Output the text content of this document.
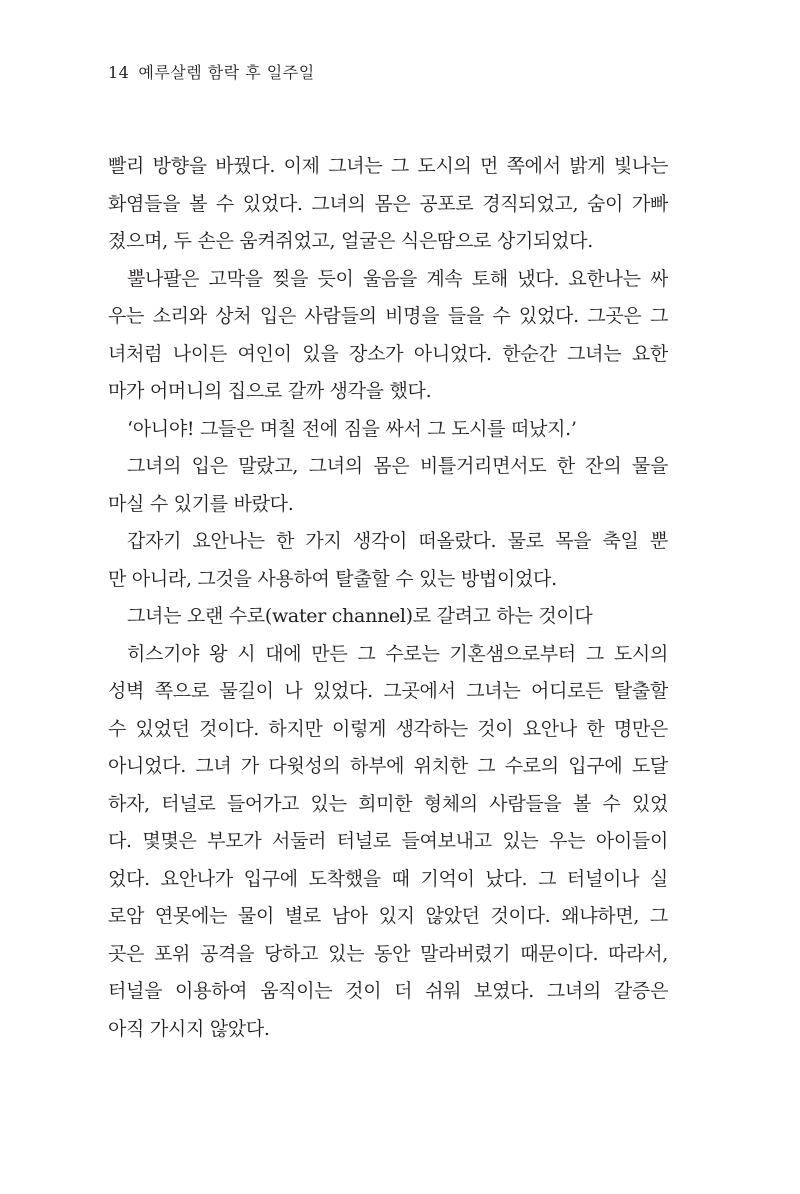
14 예루살렘 함락 후 일주일
빨리 방향을 바꿨다. 이제 그녀는 그 도시의 먼 쪽에서 밝게 빛나는
화염들을 볼 수 있었다. 그녀의 몸은 공포로 경직되었고, 숨이 가빠
졌으며, 두 손은 움켜쥐었고, 얼굴은 식은땀으로 상기되었다.
뿔나팔은 고막을 찢을 듯이 울음을 계속 토해 냈다. 요한나는 싸
우는 소리와 상처 입은 사람들의 비명을 들을 수 있었다. 그곳은 그
녀처럼 나이든 여인이 있을 장소가 아니었다. 한순간 그녀는 요한
마가 어머니의 집으로 갈까 생각을 했다.
‘아니야! 그들은 며칠 전에 짐을 싸서 그 도시를 떠났지.’
그녀의 입은 말랐고, 그녀의 몸은 비틀거리면서도 한 잔의 물을
마실 수 있기를 바랐다.
갑자기 요안나는 한 가지 생각이 떠올랐다. 물로 목을 축일 뿐
만 아니라, 그것을 사용하여 탈출할 수 있는 방법이었다.
그녀는 오랜 수로(water channel)로 갈려고 하는 것이다
히스기야 왕 시 대에 만든 그 수로는 기혼샘으로부터 그 도시의
성벽 쪽으로 물길이 나 있었다. 그곳에서 그녀는 어디로든 탈출할
수 있었던 것이다. 하지만 이렇게 생각하는 것이 요안나 한 명만은
아니었다. 그녀 가 다윗성의 하부에 위치한 그 수로의 입구에 도달
하자, 터널로 들어가고 있는 희미한 형체의 사람들을 볼 수 있었
다. 몇몇은 부모가 서둘러 터널로 들여보내고 있는 우는 아이들이
었다. 요안나가 입구에 도착했을 때 기억이 났다. 그 터널이나 실
로암 연못에는 물이 별로 남아 있지 않았던 것이다. 왜냐하면, 그
곳은 포위 공격을 당하고 있는 동안 말라버렸기 때문이다. 따라서,
터널을 이용하여 움직이는 것이 더 쉬워 보였다. 그녀의 갈증은
아직 가시지 않았다.
